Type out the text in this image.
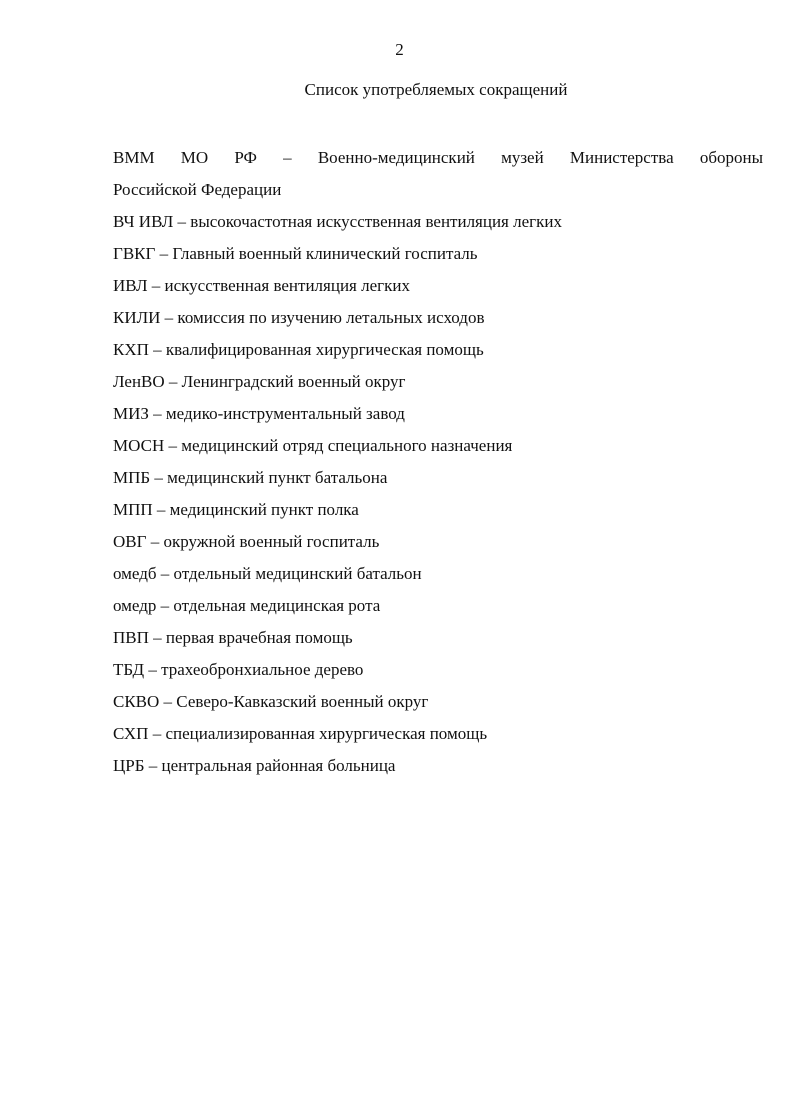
2
Список употребляемых сокращений
ВММ МО РФ – Военно-медицинский музей Министерства обороны
Российской Федерации
ВЧ ИВЛ – высокочастотная искусственная вентиляция легких
ГВКГ – Главный военный клинический госпиталь
ИВЛ – искусственная вентиляция легких
КИЛИ – комиссия по изучению летальных исходов
КХП – квалифицированная хирургическая помощь
ЛенВО – Ленинградский военный округ
МИЗ – медико-инструментальный завод
МОСН – медицинский отряд специального назначения
МПБ – медицинский пункт батальона
МПП – медицинский пункт полка
ОВГ – окружной военный госпиталь
омедб – отдельный медицинский батальон
омедр – отдельная медицинская рота
ПВП – первая врачебная помощь
ТБД – трахеобронхиальное дерево
СКВО – Северо-Кавказский военный округ
СХП – специализированная хирургическая помощь
ЦРБ – центральная районная больница
